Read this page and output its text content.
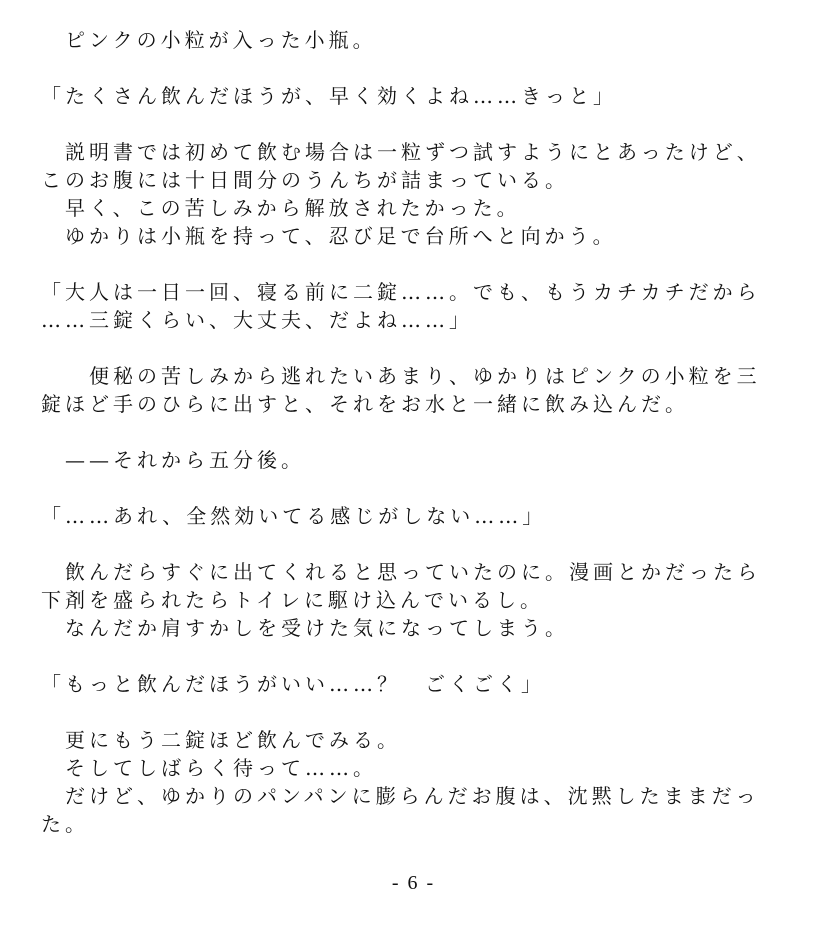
　ピンクの小粒が入った小瓶。
「たくさん飲んだほうが、早く効くよね……きっと」
　説明書では初めて飲む場合は一粒ずつ試すようにとあったけど、
このお腹には十日間分のうんちが詰まっている。
　早く、この苦しみから解放されたかった。
　ゆかりは小瓶を持って、忍び足で台所へと向かう。
「大人は一日一回、寝る前に二錠……。でも、もうカチカチだから
……三錠くらい、大丈夫、だよね……」
　　便秘の苦しみから逃れたいあまり、ゆかりはピンクの小粒を三
錠ほど手のひらに出すと、それをお水と一緒に飲み込んだ。
　——それから五分後。
「……あれ、全然効いてる感じがしない……」
　飲んだらすぐに出てくれると思っていたのに。漫画とかだったら
下剤を盛られたらトイレに駆け込んでいるし。
　なんだか肩すかしを受けた気になってしまう。
「もっと飲んだほうがいい……？　ごくごく」
　更にもう二錠ほど飲んでみる。
　そしてしばらく待って……。
　だけど、ゆかりのパンパンに膨らんだお腹は、沈黙したままだっ
た。
- 6 -
